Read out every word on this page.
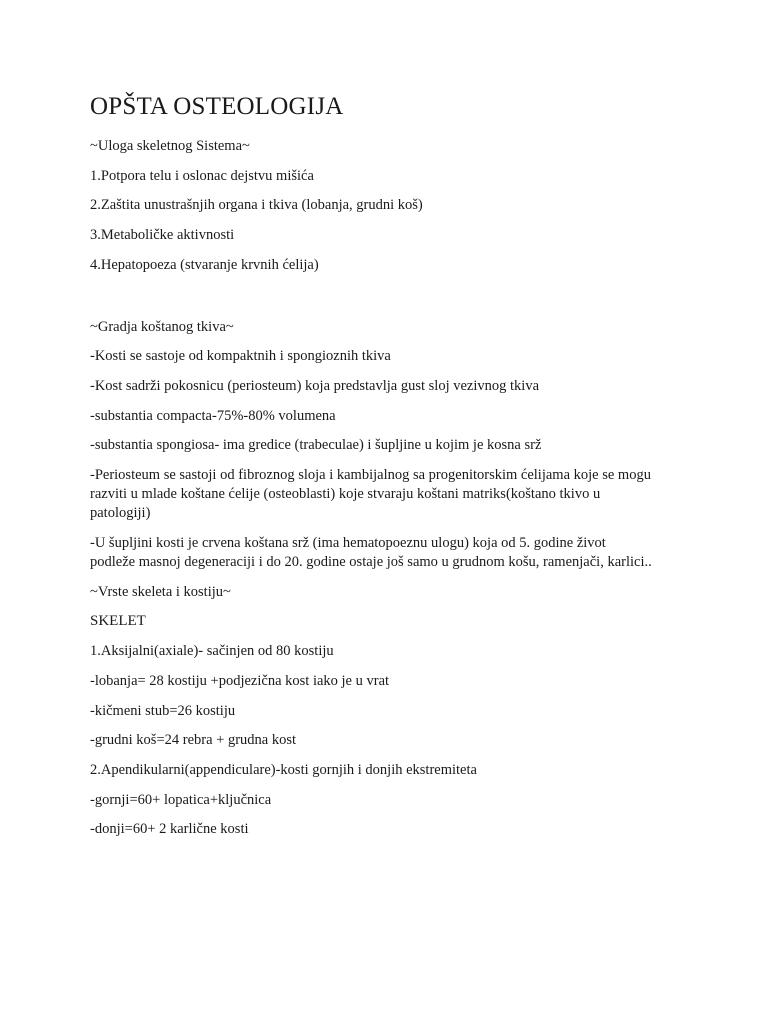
OPŠTA OSTEOLOGIJA
~Uloga skeletnog Sistema~
1.Potpora telu i oslonac dejstvu mišića
2.Zaštita unustrašnjih organa i tkiva (lobanja, grudni koš)
3.Metaboličke aktivnosti
4.Hepatopoeza (stvaranje krvnih ćelija)
~Gradja koštanog tkiva~
-Kosti se sastoje od kompaktnih i spongioznih tkiva
-Kost sadrži pokosnicu (periosteum) koja predstavlja gust sloj vezivnog tkiva
-substantia compacta-75%-80% volumena
-substantia spongiosa- ima gredice (trabeculae) i šupljine u kojim je kosna srž
-Periosteum se sastoji od fibroznog sloja i kambijalnog sa progenitorskim ćelijama koje se mogu
razviti u mlade koštane ćelije (osteoblasti) koje stvaraju koštani matriks(koštano tkivo u
patologiji)
-U šupljini kosti je crvena koštana srž (ima hematopoeznu ulogu) koja od 5. godine život
podleže masnoj degeneraciji i do 20. godine ostaje još samo u grudnom košu, ramenjači, karlici..
~Vrste skeleta i kostiju~
SKELET
1.Aksijalni(axiale)- sačinjen od 80 kostiju
-lobanja= 28 kostiju +podjezična kost iako je u vrat
-kičmeni stub=26 kostiju
-grudni koš=24 rebra + grudna kost
2.Apendikularni(appendiculare)-kosti gornjih i donjih ekstremiteta
-gornji=60+ lopatica+ključnica
-donji=60+ 2 karlične kosti
